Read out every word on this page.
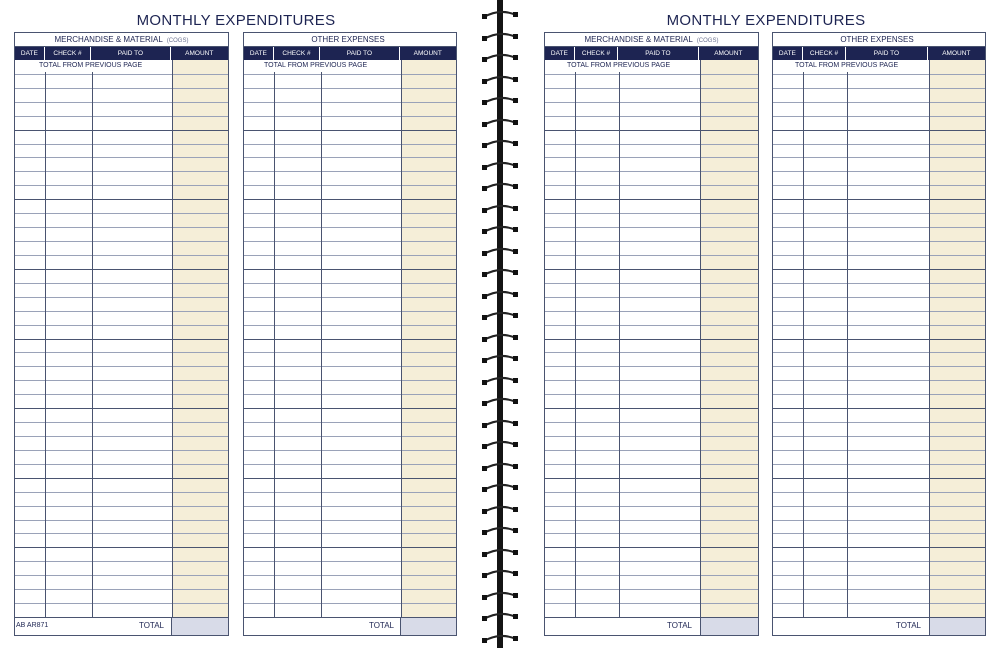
MONTHLY EXPENDITURES	MONTHLY EXPENDITURES
MERCHANDISE & MATERIAL (COGS)
DATE	CHECK #	PAID TO	AMOUNT
TOTAL FROM PREVIOUS PAGE
TOTAL
OTHER EXPENSES
DATE	CHECK #	PAID TO	AMOUNT
TOTAL FROM PREVIOUS PAGE
TOTAL
AB AR871
MERCHANDISE & MATERIAL (COGS)
DATE	CHECK #	PAID TO	AMOUNT
TOTAL FROM PREVIOUS PAGE
TOTAL
OTHER EXPENSES
DATE	CHECK #	PAID TO	AMOUNT
TOTAL FROM PREVIOUS PAGE
TOTAL
